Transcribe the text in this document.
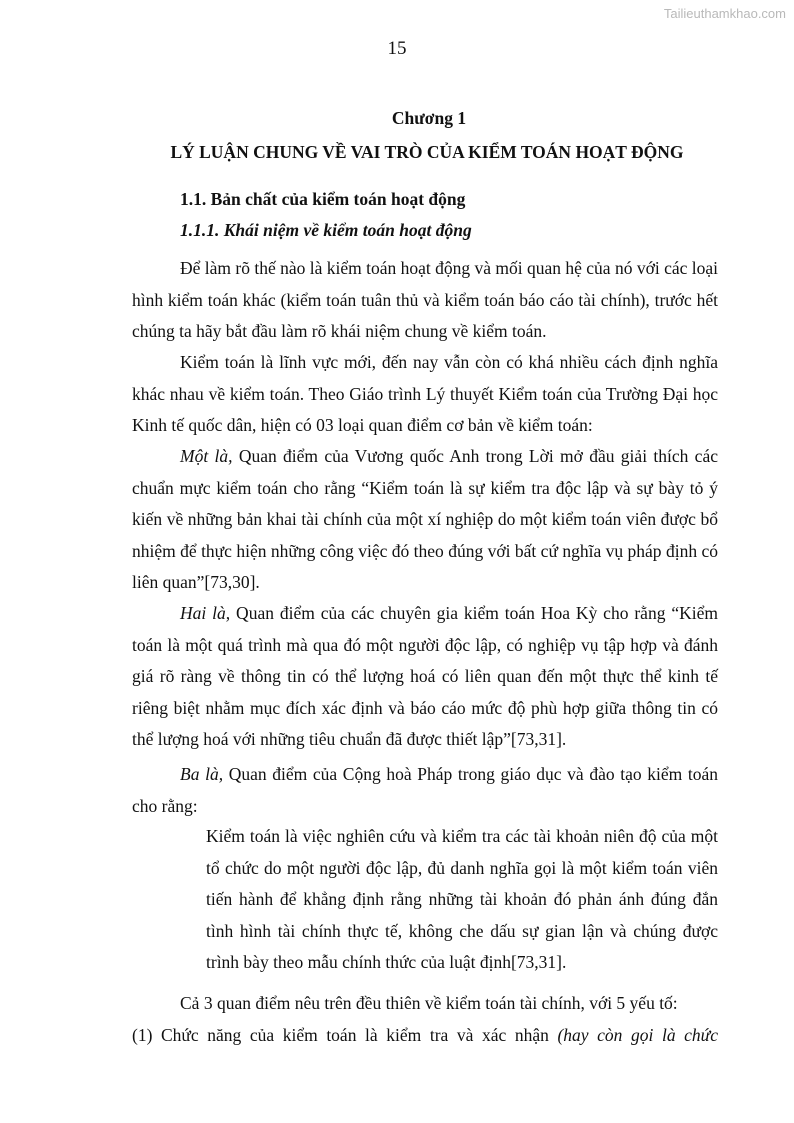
Tailieuthamkhao.com
15
Chương 1
LÝ LUẬN CHUNG VỀ VAI TRÒ CỦA KIỂM TOÁN HOẠT ĐỘNG
1.1. Bản chất của kiểm toán hoạt động
1.1.1. Khái niệm về kiểm toán hoạt động

Để làm rõ thế nào là kiểm toán hoạt động và mối quan hệ của nó với các loại hình kiểm toán khác (kiểm toán tuân thủ và kiểm toán báo cáo tài chính), trước hết chúng ta hãy bắt đầu làm rõ khái niệm chung về kiểm toán.

Kiểm toán là lĩnh vực mới, đến nay vẫn còn có khá nhiều cách định nghĩa khác nhau về kiểm toán. Theo Giáo trình Lý thuyết Kiểm toán của Trường Đại học Kinh tế quốc dân, hiện có 03 loại quan điểm cơ bản về kiểm toán:

Một là, Quan điểm của Vương quốc Anh trong Lời mở đầu giải thích các chuẩn mực kiểm toán cho rằng “Kiểm toán là sự kiểm tra độc lập và sự bày tỏ ý kiến về những bản khai tài chính của một xí nghiệp do một kiểm toán viên được bổ nhiệm để thực hiện những công việc đó theo đúng với bất cứ nghĩa vụ pháp định có liên quan”[73,30].

Hai là, Quan điểm của các chuyên gia kiểm toán Hoa Kỳ cho rằng “Kiểm toán là một quá trình mà qua đó một người độc lập, có nghiệp vụ tập hợp và đánh giá rõ ràng về thông tin có thể lượng hoá có liên quan đến một thực thể kinh tế riêng biệt nhằm mục đích xác định và báo cáo mức độ phù hợp giữa thông tin có thể lượng hoá với những tiêu chuẩn đã được thiết lập”[73,31].

Ba là, Quan điểm của Cộng hoà Pháp trong giáo dục và đào tạo kiểm toán cho rằng:

Kiểm toán là việc nghiên cứu và kiểm tra các tài khoản niên độ của một tổ chức do một người độc lập, đủ danh nghĩa gọi là một kiểm toán viên tiến hành để khẳng định rằng những tài khoản đó phản ánh đúng đắn tình hình tài chính thực tế, không che dấu sự gian lận và chúng được trình bày theo mẫu chính thức của luật định[73,31].

Cả 3 quan điểm nêu trên đều thiên về kiểm toán tài chính, với 5 yếu tố:

(1) Chức năng của kiểm toán là kiểm tra và xác nhận (hay còn gọi là chức
